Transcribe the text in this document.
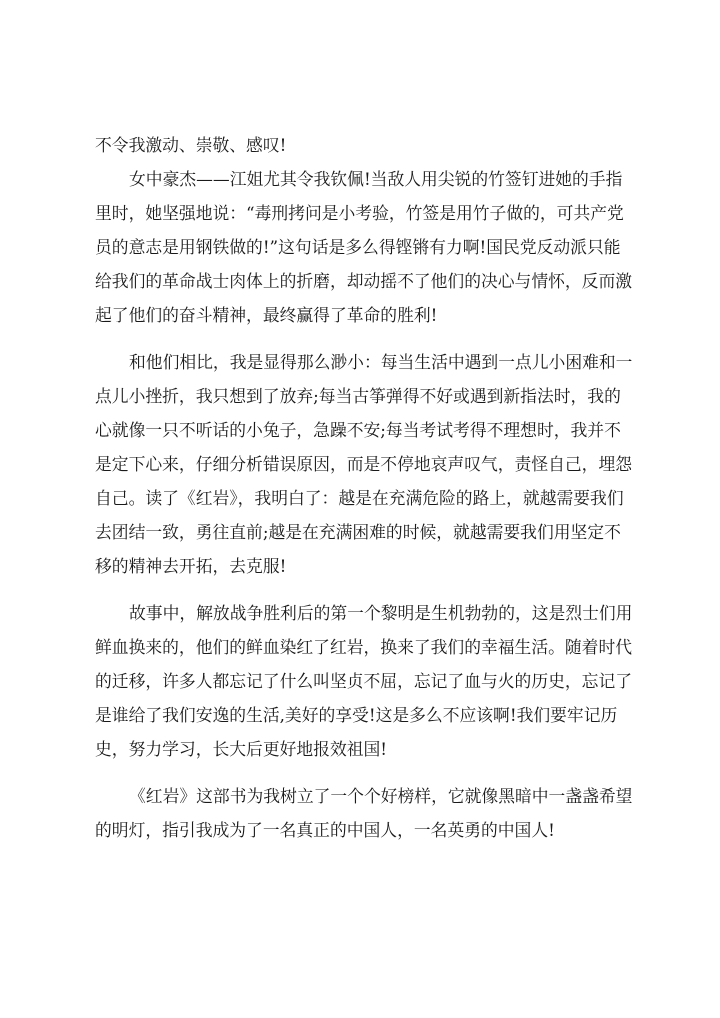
不令我激动、崇敬、感叹!
女中豪杰——江姐尤其令我钦佩!当敌人用尖锐的竹签钉进她的手指
里时，她坚强地说：“毒刑拷问是小考验，竹签是用竹子做的，可共产党
员的意志是用钢铁做的!”这句话是多么得铿锵有力啊!国民党反动派只能
给我们的革命战士肉体上的折磨，却动摇不了他们的决心与情怀，反而激
起了他们的奋斗精神，最终赢得了革命的胜利!
和他们相比，我是显得那么渺小：每当生活中遇到一点儿小困难和一
点儿小挫折，我只想到了放弃;每当古筝弹得不好或遇到新指法时，我的
心就像一只不听话的小兔子，急躁不安;每当考试考得不理想时，我并不
是定下心来，仔细分析错误原因，而是不停地哀声叹气，责怪自己，埋怨
自己。读了《红岩》，我明白了：越是在充满危险的路上，就越需要我们
去团结一致，勇往直前;越是在充满困难的时候，就越需要我们用坚定不
移的精神去开拓，去克服!
故事中，解放战争胜利后的第一个黎明是生机勃勃的，这是烈士们用
鲜血换来的，他们的鲜血染红了红岩，换来了我们的幸福生活。随着时代
的迁移，许多人都忘记了什么叫坚贞不屈，忘记了血与火的历史，忘记了
是谁给了我们安逸的生活,美好的享受!这是多么不应该啊!我们要牢记历
史，努力学习，长大后更好地报效祖国!
《红岩》这部书为我树立了一个个好榜样，它就像黑暗中一盏盏希望
的明灯，指引我成为了一名真正的中国人，一名英勇的中国人!
